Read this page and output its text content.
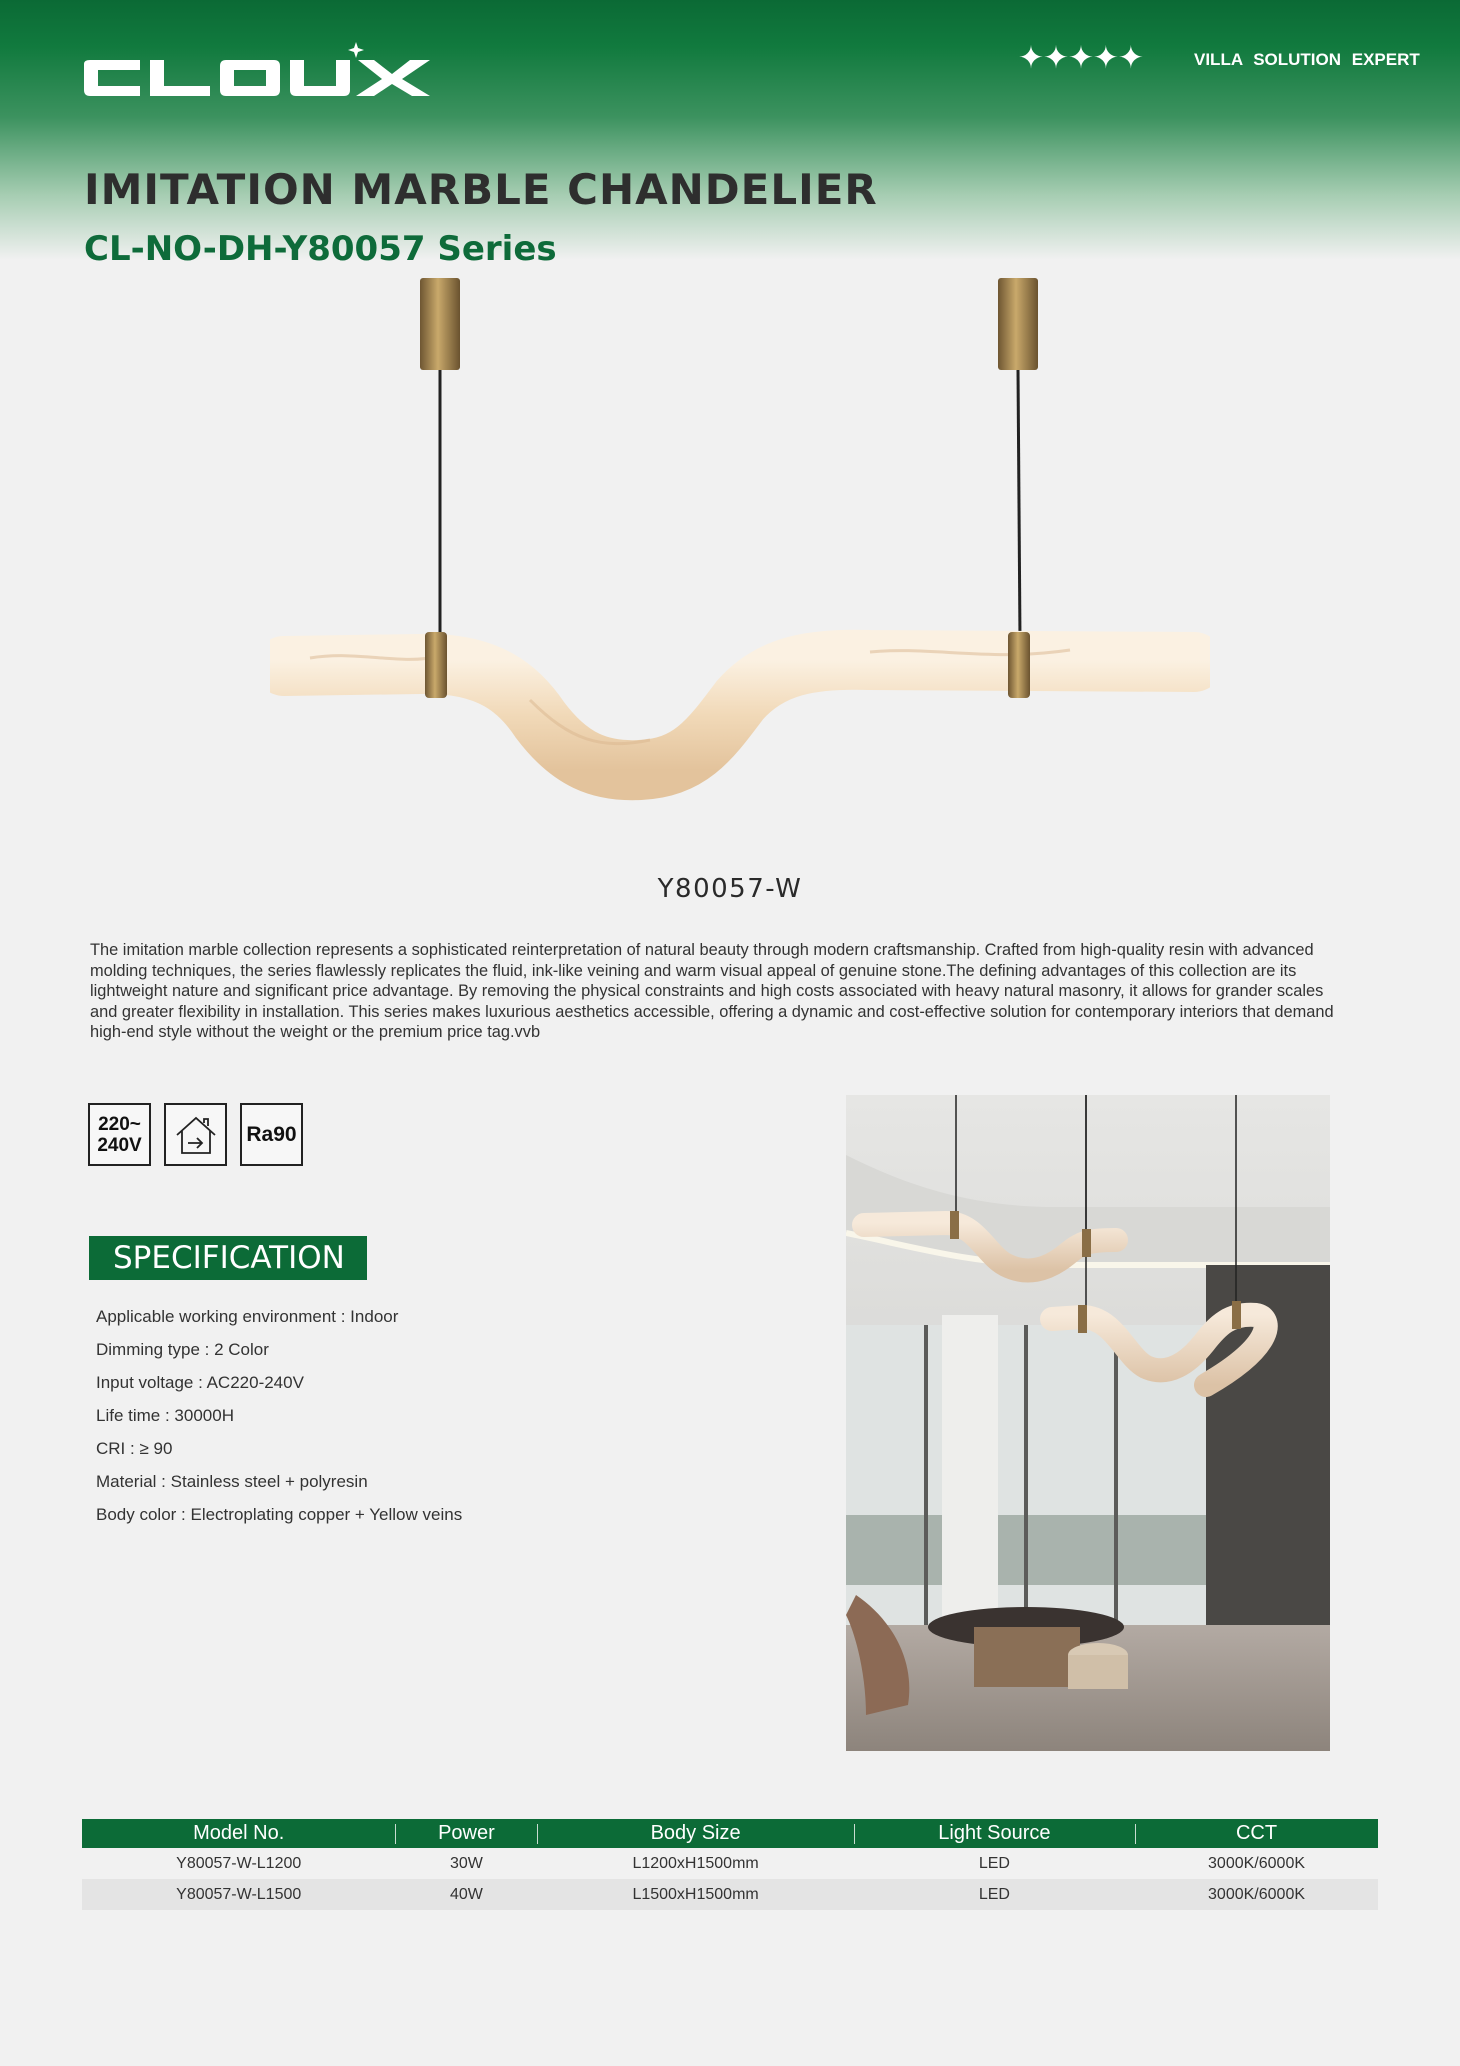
✦✦✦✦✦	VILLA SOLUTION EXPERT
IMITATION MARBLE CHANDELIER
CL-NO-DH-Y80057 Series
Y80057-W

The imitation marble collection represents a sophisticated reinterpretation of natural beauty through modern craftsmanship. Crafted from high-quality resin with advanced molding techniques, the series flawlessly replicates the fluid, ink-like veining and warm visual appeal of genuine stone.The defining advantages of this collection are its lightweight nature and significant price advantage. By removing the physical constraints and high costs associated with heavy natural masonry, it allows for grander scales and greater flexibility in installation. This series makes luxurious aesthetics accessible, offering a dynamic and cost-effective solution for contemporary interiors that demand high-end style without the weight or the premium price tag.vvb

220~
240V	Ra90
SPECIFICATION
Applicable working environment : Indoor
Dimming type : 2 Color
Input voltage : AC220-240V
Life time : 30000H
CRI : ≥ 90
Material : Stainless steel + polyresin
Body color : Electroplating copper + Yellow veins
Model No.	Power	Body Size	Light Source	CCT
Y80057-W-L1200	30W	L1200xH1500mm	LED	3000K/6000K
Y80057-W-L1500	40W	L1500xH1500mm	LED	3000K/6000K
